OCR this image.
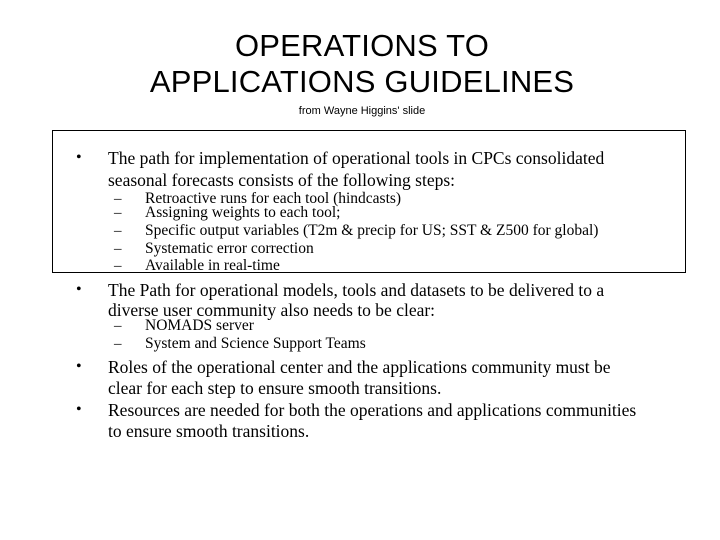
OPERATIONS TO
APPLICATIONS GUIDELINES
from Wayne Higgins' slide
• The path for implementation of operational tools in CPCs consolidated
seasonal forecasts consists of the following steps:
– Retroactive runs for each tool (hindcasts)
– Assigning weights to each tool;
– Specific output variables (T2m & precip for US; SST & Z500 for global)
– Systematic error correction
– Available in real-time
• The Path for operational models, tools and datasets to be delivered to a
diverse user community also needs to be clear:
– NOMADS server
– System and Science Support Teams
• Roles of the operational center and the applications community must be
clear for each step to ensure smooth transitions.
• Resources are needed for both the operations and applications communities
to ensure smooth transitions.
